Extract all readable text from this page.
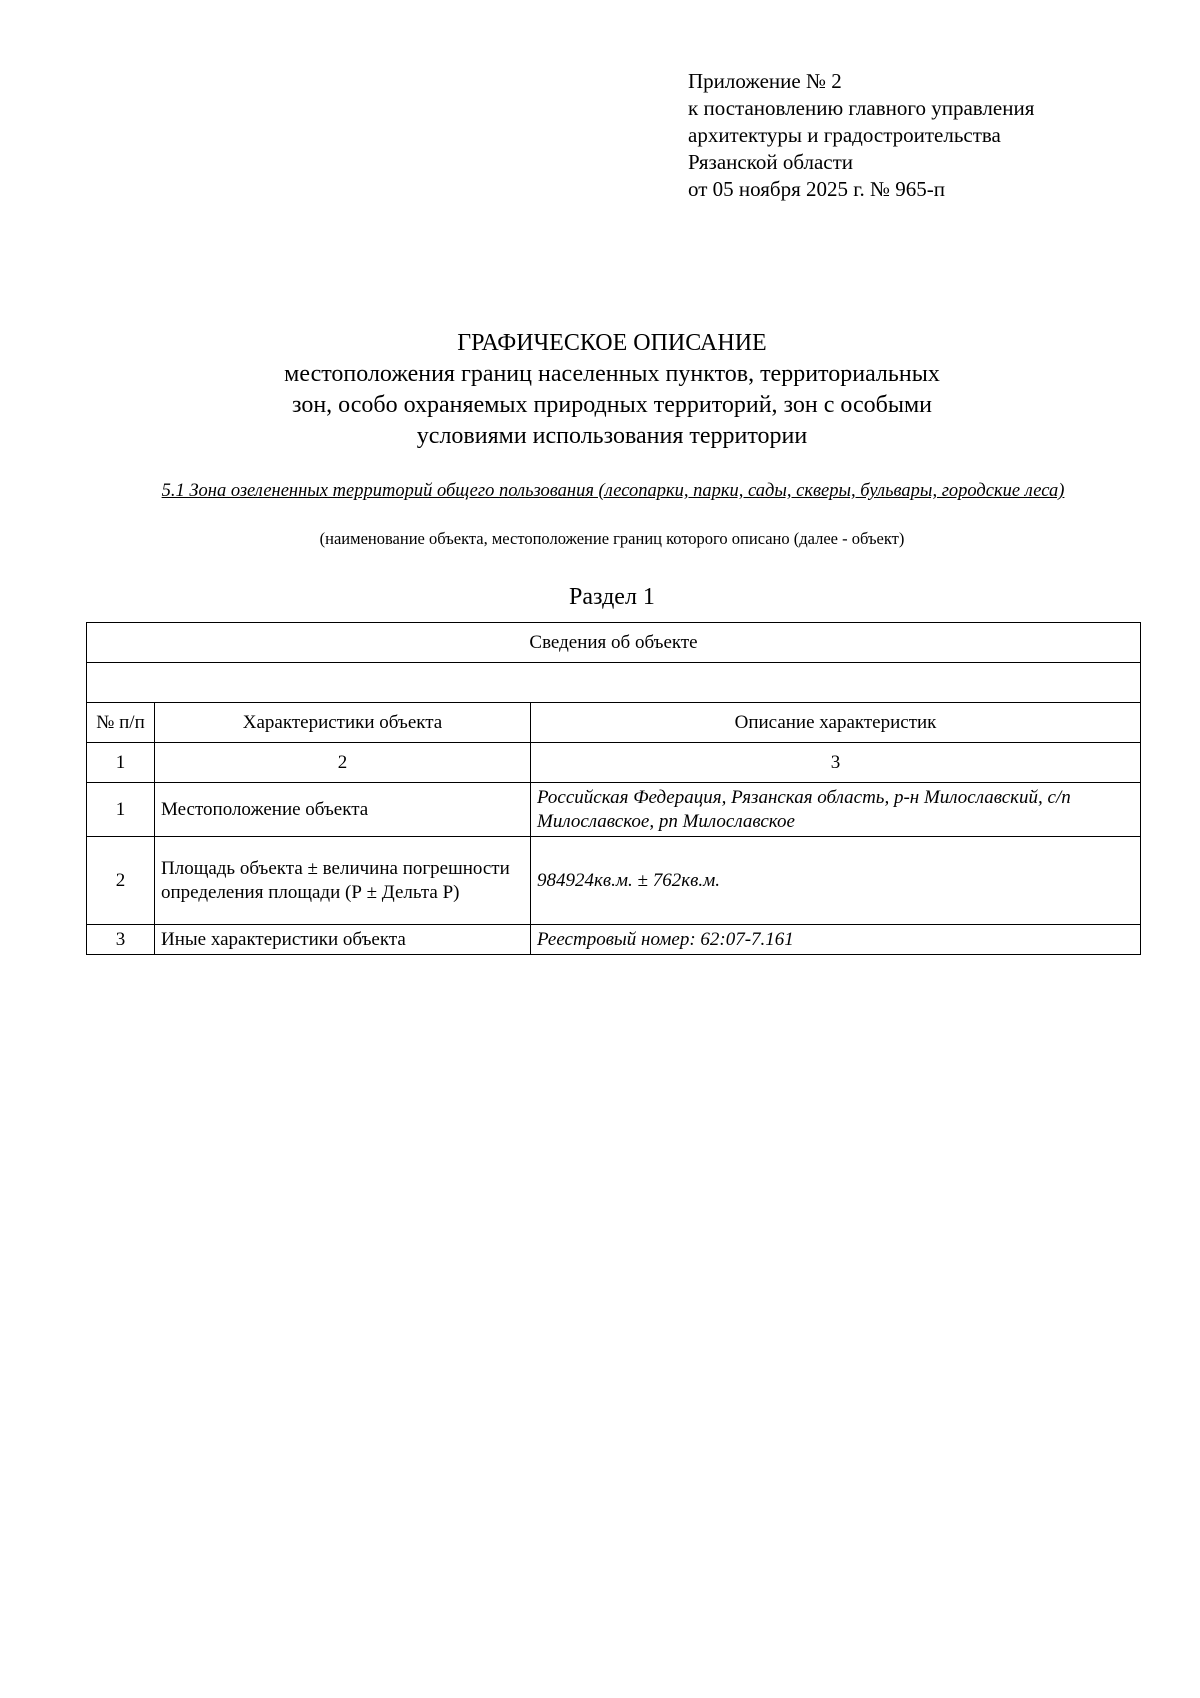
Приложение № 2
к постановлению главного управления
архитектуры и градостроительства
Рязанской области
от 05 ноября 2025 г. № 965-п
ГРАФИЧЕСКОЕ ОПИСАНИЕ
местоположения границ населенных пунктов, территориальных
зон, особо охраняемых природных территорий, зон с особыми
условиями использования территории
5.1 Зона озелененных территорий общего пользования (лесопарки, парки, сады, скверы, бульвары, городские леса)
(наименование объекта, местоположение границ которого описано (далее - объект)
Раздел 1
Сведения об объекте		

№ п/п	Характеристики объекта	Описание характеристик
1	2	3
1	Местоположение объекта	Российская Федерация, Рязанская область, р-н Милославский, с/п Милославское, рп Милославское
2	Площадь объекта ± величина погрешности определения площади (Р ± Дельта Р)	984924кв.м. ± 762кв.м.
3	Иные характеристики объекта	Реестровый номер: 62:07-7.161
